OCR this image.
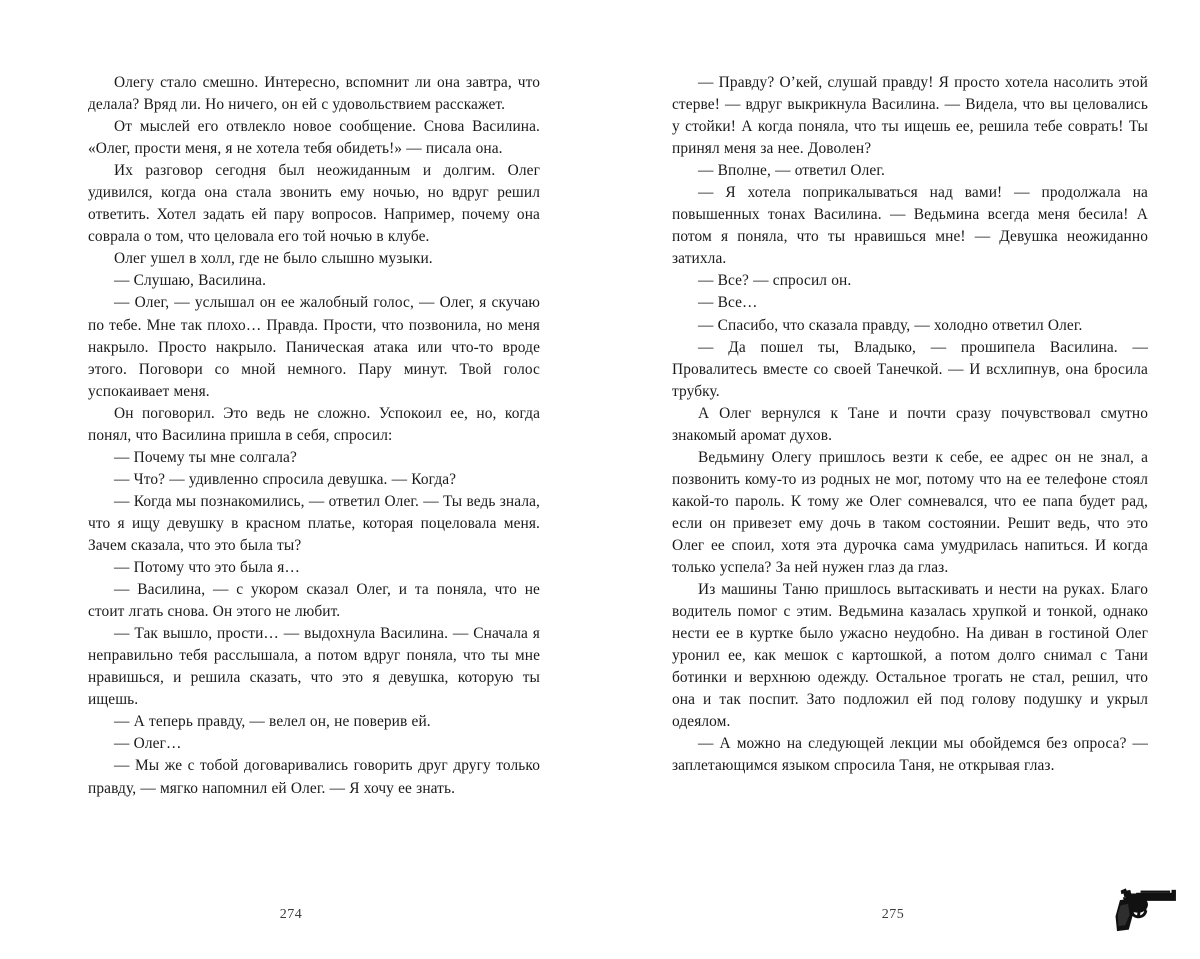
Олегу стало смешно. Интересно, вспомнит ли она завтра, что делала? Вряд ли. Но ничего, он ей с удовольствием расскажет.

От мыслей его отвлекло новое сообщение. Снова Василина. «Олег, прости меня, я не хотела тебя обидеть!» — писала она.

Их разговор сегодня был неожиданным и долгим. Олег удивился, когда она стала звонить ему ночью, но вдруг решил ответить. Хотел задать ей пару вопросов. Например, почему она соврала о том, что целовала его той ночью в клубе.

Олег ушел в холл, где не было слышно музыки.

— Слушаю, Василина.

— Олег, — услышал он ее жалобный голос, — Олег, я скучаю по тебе. Мне так плохо… Правда. Прости, что позвонила, но меня накрыло. Просто накрыло. Паническая атака или что-то вроде этого. Поговори со мной немного. Пару минут. Твой голос успокаивает меня.

Он поговорил. Это ведь не сложно. Успокоил ее, но, когда понял, что Василина пришла в себя, спросил:

— Почему ты мне солгала?

— Что? — удивленно спросила девушка. — Когда?

— Когда мы познакомились, — ответил Олег. — Ты ведь знала, что я ищу девушку в красном платье, которая поцеловала меня. Зачем сказала, что это была ты?

— Потому что это была я…

— Василина, — с укором сказал Олег, и та поняла, что не стоит лгать снова. Он этого не любит.

— Так вышло, прости… — выдохнула Василина. — Сначала я неправильно тебя расслышала, а потом вдруг поняла, что ты мне нравишься, и решила сказать, что это я девушка, которую ты ищешь.

— А теперь правду, — велел он, не поверив ей.

— Олег…

— Мы же с тобой договаривались говорить друг другу только правду, — мягко напомнил ей Олег. — Я хочу ее знать.

274

— Правду? О’кей, слушай правду! Я просто хотела насолить этой стерве! — вдруг выкрикнула Василина. — Видела, что вы целовались у стойки! А когда поняла, что ты ищешь ее, решила тебе соврать! Ты принял меня за нее. Доволен?

— Вполне, — ответил Олег.

— Я хотела поприкалываться над вами! — продолжала на повышенных тонах Василина. — Ведьмина всегда меня бесила! А потом я поняла, что ты нравишься мне! — Девушка неожиданно затихла.

— Все? — спросил он.

— Все…

— Спасибо, что сказала правду, — холодно ответил Олег.

— Да пошел ты, Владыко, — прошипела Василина. — Провалитесь вместе со своей Танечкой. — И всхлипнув, она бросила трубку.

А Олег вернулся к Тане и почти сразу почувствовал смутно знакомый аромат духов.

Ведьмину Олегу пришлось везти к себе, ее адрес он не знал, а позвонить кому-то из родных не мог, потому что на ее телефоне стоял какой-то пароль. К тому же Олег сомневался, что ее папа будет рад, если он привезет ему дочь в таком состоянии. Решит ведь, что это Олег ее споил, хотя эта дурочка сама умудрилась напиться. И когда только успела? За ней нужен глаз да глаз.

Из машины Таню пришлось вытаскивать и нести на руках. Благо водитель помог с этим. Ведьмина казалась хрупкой и тонкой, однако нести ее в куртке было ужасно неудобно. На диван в гостиной Олег уронил ее, как мешок с картошкой, а потом долго снимал с Тани ботинки и верхнюю одежду. Остальное трогать не стал, решил, что она и так поспит. Зато подложил ей под голову подушку и укрыл одеялом.

— А можно на следующей лекции мы обойдемся без опроса? — заплетающимся языком спросила Таня, не открывая глаз.

275
